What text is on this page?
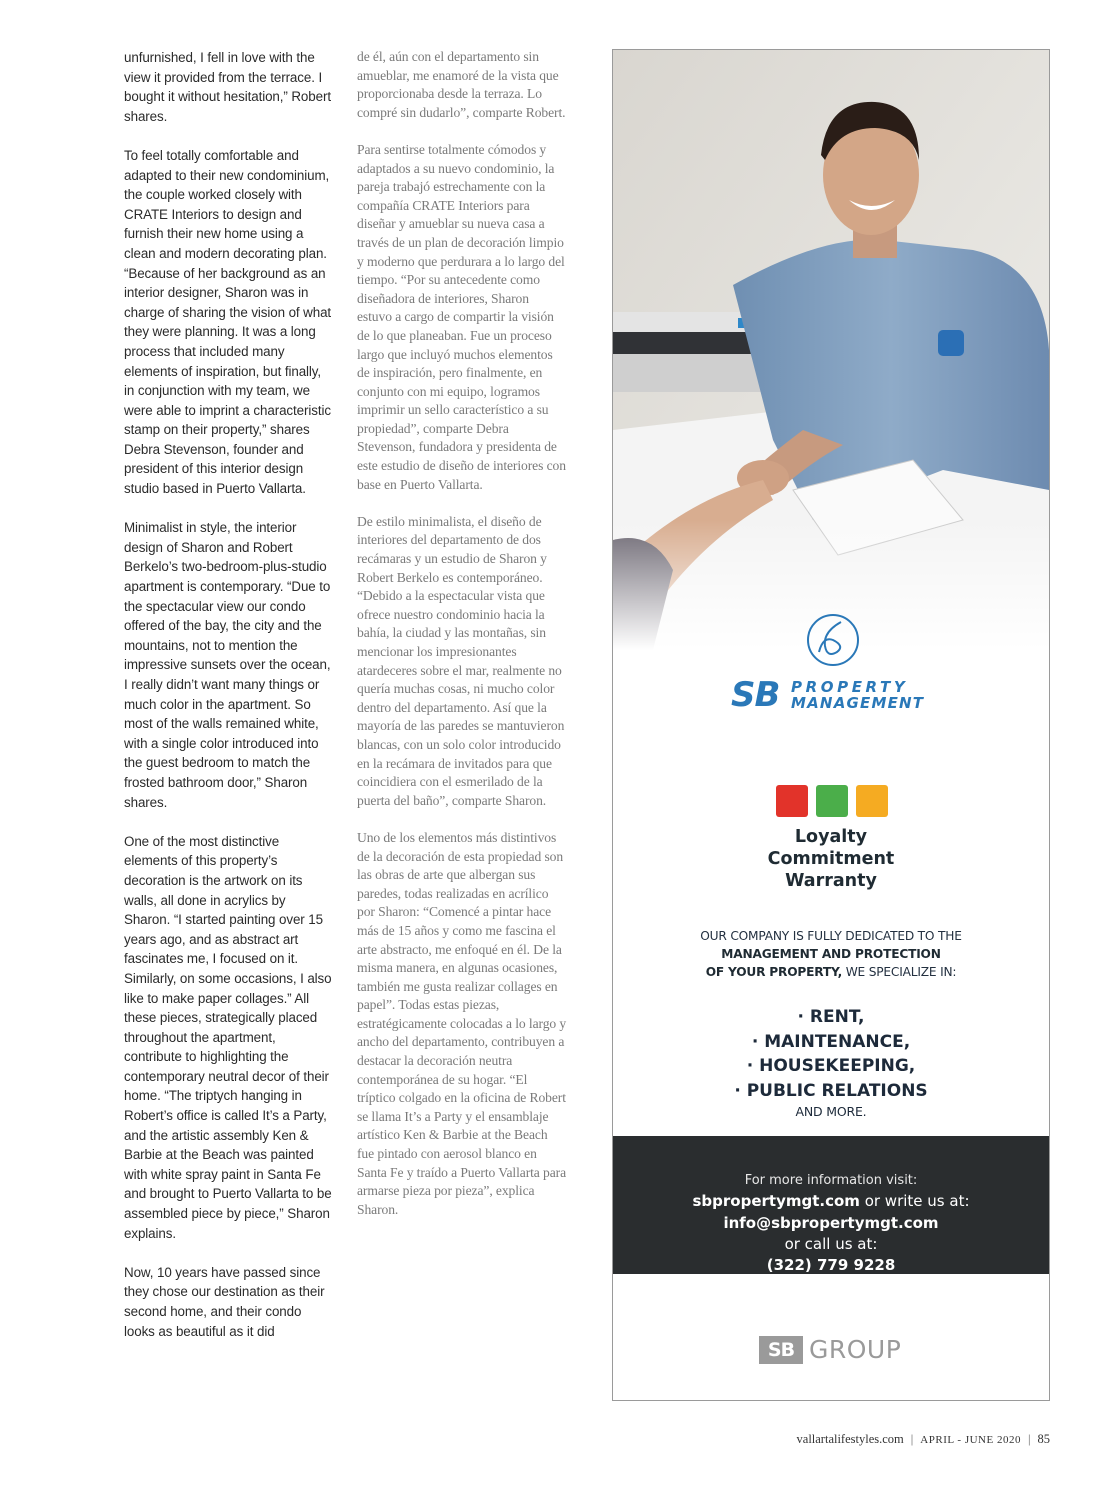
unfurnished, I fell in love with the view it provided from the terrace. I bought it without hesitation,” Robert shares.

To feel totally comfortable and adapted to their new condominium, the couple worked closely with CRATE Interiors to design and furnish their new home using a clean and modern decorating plan. “Because of her background as an interior designer, Sharon was in charge of sharing the vision of what they were planning. It was a long process that included many elements of inspiration, but finally, in conjunction with my team, we were able to imprint a characteristic stamp on their property,” shares Debra Stevenson, founder and president of this interior design studio based in Puerto Vallarta.

Minimalist in style, the interior design of Sharon and Robert Berkelo’s two-bedroom-plus-studio apartment is contemporary. “Due to the spectacular view our condo offered of the bay, the city and the mountains, not to mention the impressive sunsets over the ocean, I really didn’t want many things or much color in the apartment. So most of the walls remained white, with a single color introduced into the guest bedroom to match the frosted bathroom door,” Sharon shares.

One of the most distinctive elements of this property’s decoration is the artwork on its walls, all done in acrylics by Sharon. “I started painting over 15 years ago, and as abstract art fascinates me, I focused on it. Similarly, on some occasions, I also like to make paper collages.” All these pieces, strategically placed throughout the apartment, contribute to highlighting the contemporary neutral decor of their home. “The triptych hanging in Robert’s office is called It’s a Party, and the artistic assembly Ken & Barbie at the Beach was painted with white spray paint in Santa Fe and brought to Puerto Vallarta to be assembled piece by piece,” Sharon explains.

Now, 10 years have passed since they chose our destination as their second home, and their condo looks as beautiful as it did

de él, aún con el departamento sin amueblar, me enamoré de la vista que proporcionaba desde la terraza. Lo compré sin dudarlo”, comparte Robert.

Para sentirse totalmente cómodos y adaptados a su nuevo condominio, la pareja trabajó estrechamente con la compañía CRATE Interiors para diseñar y amueblar su nueva casa a través de un plan de decoración limpio y moderno que perdurara a lo largo del tiempo. “Por su antecedente como diseñadora de interiores, Sharon estuvo a cargo de compartir la visión de lo que planeaban. Fue un proceso largo que incluyó muchos elementos de inspiración, pero finalmente, en conjunto con mi equipo, logramos imprimir un sello característico a su propiedad”, comparte Debra Stevenson, fundadora y presidenta de este estudio de diseño de interiores con base en Puerto Vallarta.

De estilo minimalista, el diseño de interiores del departamento de dos recámaras y un estudio de Sharon y Robert Berkelo es contemporáneo. “Debido a la espectacular vista que ofrece nuestro condominio hacia la bahía, la ciudad y las montañas, sin mencionar los impresionantes atardeceres sobre el mar, realmente no quería muchas cosas, ni mucho color dentro del departamento. Así que la mayoría de las paredes se mantuvieron blancas, con un solo color introducido en la recámara de invitados para que coincidiera con el esmerilado de la puerta del baño”, comparte Sharon.

Uno de los elementos más distintivos de la decoración de esta propiedad son las obras de arte que albergan sus paredes, todas realizadas en acrílico por Sharon: “Comencé a pintar hace más de 15 años y como me fascina el arte abstracto, me enfoqué en él. De la misma manera, en algunas ocasiones, también me gusta realizar collages en papel”. Todas estas piezas, estratégicamente colocadas a lo largo y ancho del departamento, contribuyen a destacar la decoración neutra contemporánea de su hogar. “El tríptico colgado en la oficina de Robert se llama It’s a Party y el ensamblaje artístico Ken & Barbie at the Beach fue pintado con aerosol blanco en Santa Fe y traído a Puerto Vallarta para armarse pieza por pieza”, explica Sharon.

SB PROPERTY
MANAGEMENT
Loyalty
Commitment
Warranty
OUR COMPANY IS FULLY DEDICATED TO THE
MANAGEMENT AND PROTECTION
OF YOUR PROPERTY, WE SPECIALIZE IN:
· RENT,
· MAINTENANCE,
· HOUSEKEEPING,
· PUBLIC RELATIONS
AND MORE.
For more information visit:
sbpropertymgt.com or write us at:
info@sbpropertymgt.com
or call us at:
(322) 779 9228
SB GROUP
vallartalifestyles.com | APRIL - JUNE 2020 | 85
